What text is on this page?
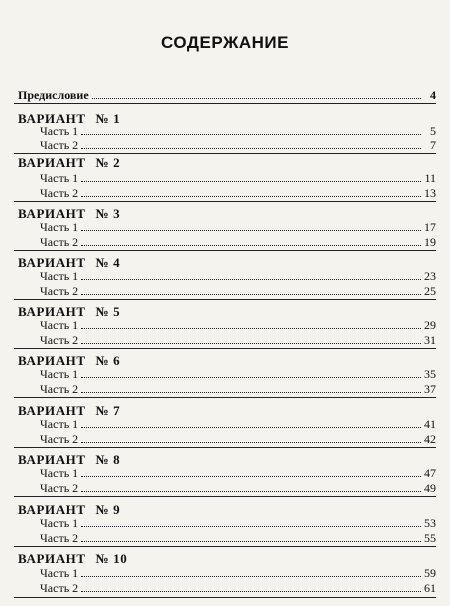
СОДЕРЖАНИЕ
Предисловие	4
ВАРИАНТ № 1
Часть 1	5
Часть 2	7
ВАРИАНТ № 2
Часть 1	11
Часть 2	13
ВАРИАНТ № 3
Часть 1	17
Часть 2	19
ВАРИАНТ № 4
Часть 1	23
Часть 2	25
ВАРИАНТ № 5
Часть 1	29
Часть 2	31
ВАРИАНТ № 6
Часть 1	35
Часть 2	37
ВАРИАНТ № 7
Часть 1	41
Часть 2	42
ВАРИАНТ № 8
Часть 1	47
Часть 2	49
ВАРИАНТ № 9
Часть 1	53
Часть 2	55
ВАРИАНТ № 10
Часть 1	59
Часть 2	61
